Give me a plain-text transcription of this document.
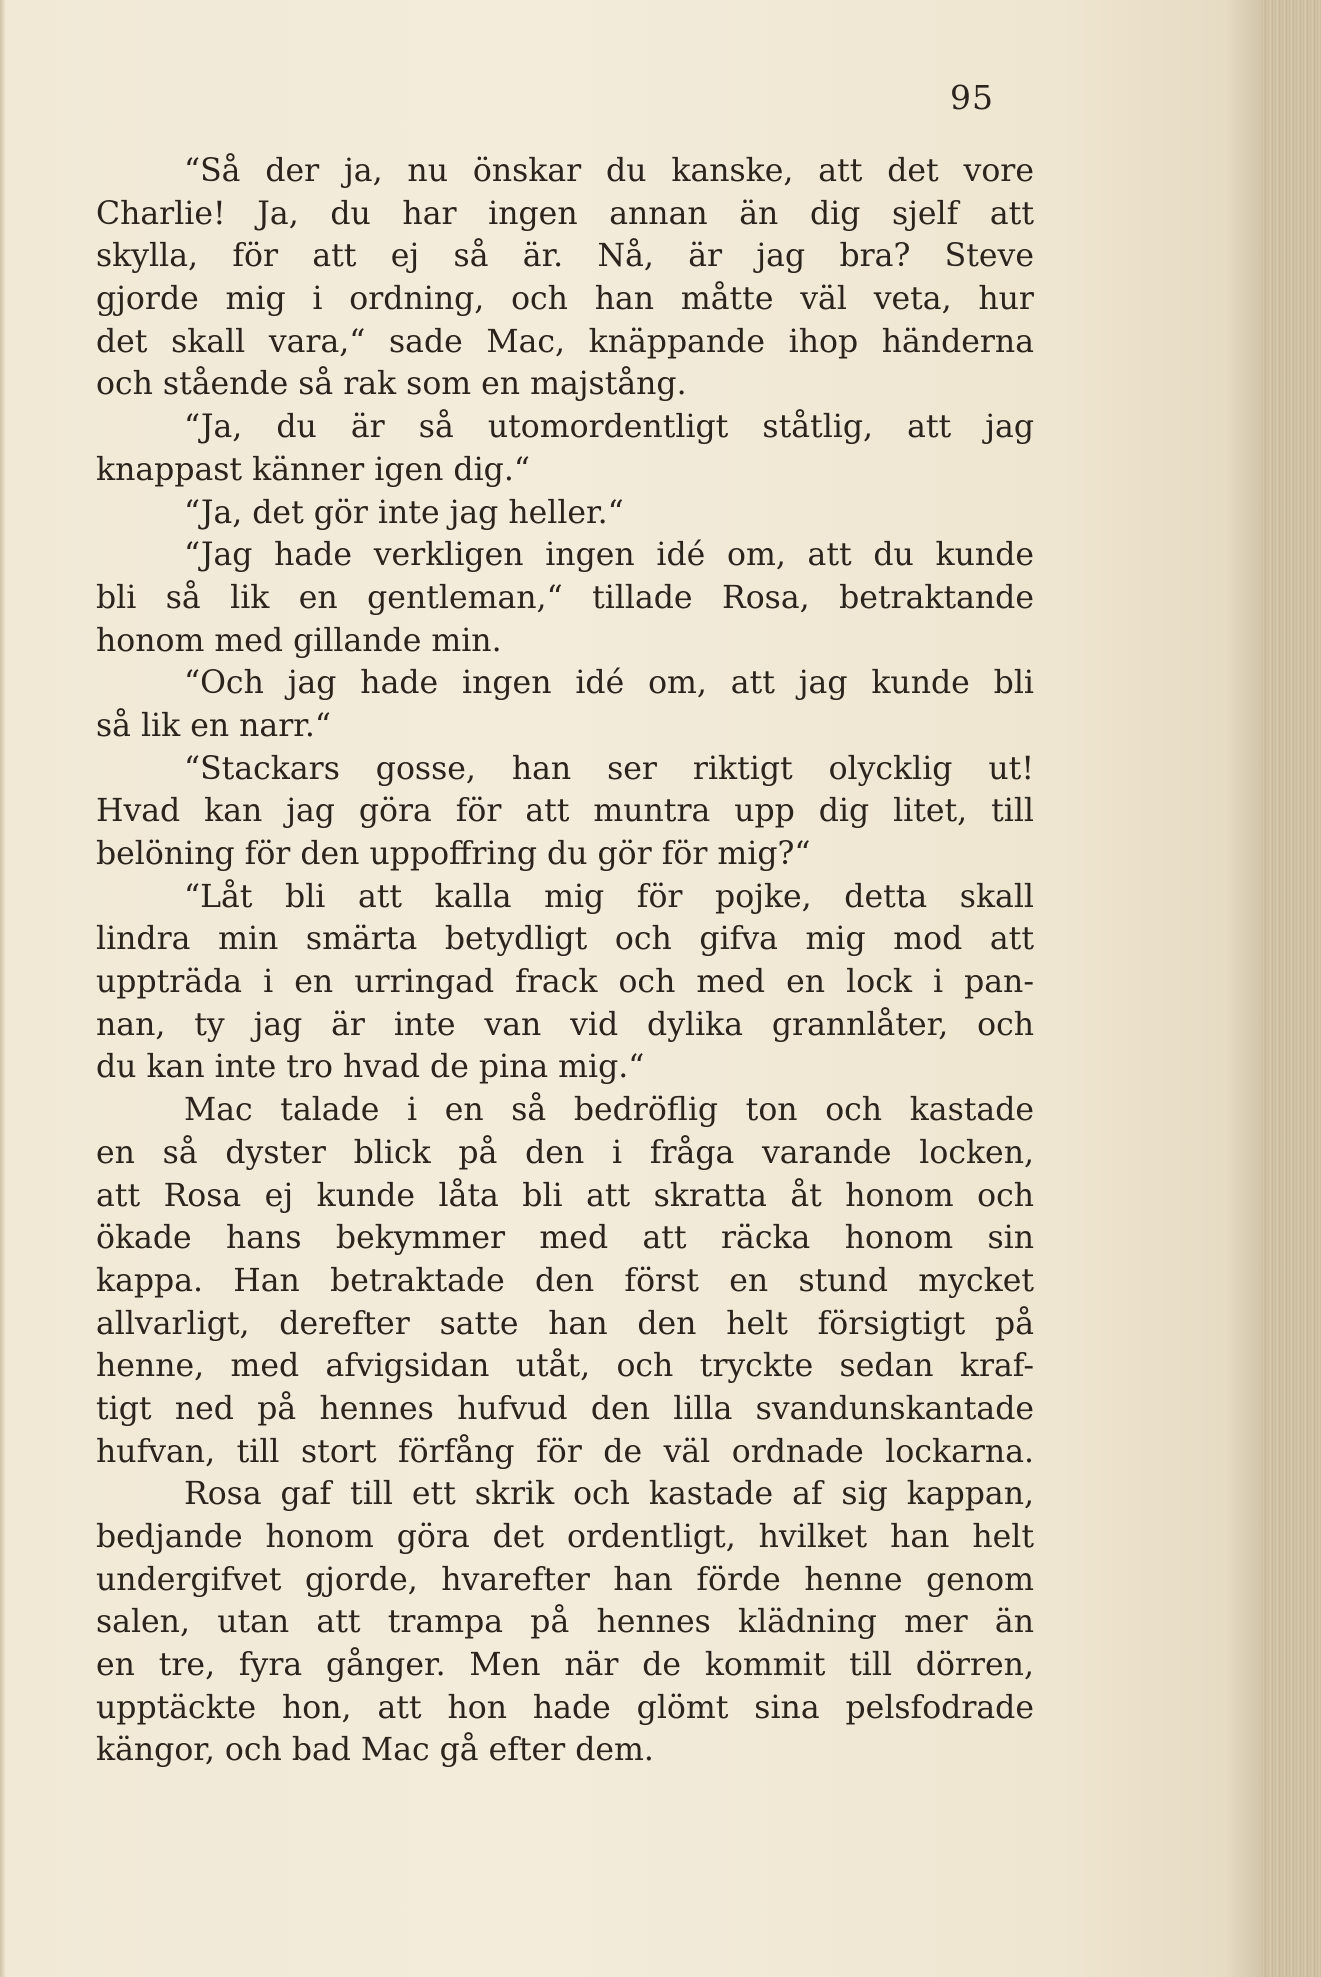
95
“Så der ja, nu önskar du kanske, att det vore
Charlie! Ja, du har ingen annan än dig sjelf att
skylla, för att ej så är. Nå, är jag bra? Steve
gjorde mig i ordning, och han måtte väl veta, hur
det skall vara,“ sade Mac, knäppande ihop händerna
och stående så rak som en majstång.
“Ja, du är så utomordentligt ståtlig, att jag
knappast känner igen dig.“
“Ja, det gör inte jag heller.“
“Jag hade verkligen ingen idé om, att du kunde
bli så lik en gentleman,“ tillade Rosa, betraktande
honom med gillande min.
“Och jag hade ingen idé om, att jag kunde bli
så lik en narr.“
“Stackars gosse, han ser riktigt olycklig ut!
Hvad kan jag göra för att muntra upp dig litet, till
belöning för den uppoffring du gör för mig?“
“Låt bli att kalla mig för pojke, detta skall
lindra min smärta betydligt och gifva mig mod att
uppträda i en urringad frack och med en lock i pan-
nan, ty jag är inte van vid dylika grannlåter, och
du kan inte tro hvad de pina mig.“
Mac talade i en så bedröflig ton och kastade
en så dyster blick på den i fråga varande locken,
att Rosa ej kunde låta bli att skratta åt honom och
ökade hans bekymmer med att räcka honom sin
kappa. Han betraktade den först en stund mycket
allvarligt, derefter satte han den helt försigtigt på
henne, med afvigsidan utåt, och tryckte sedan kraf-
tigt ned på hennes hufvud den lilla svandunskantade
hufvan, till stort förfång för de väl ordnade lockarna.
Rosa gaf till ett skrik och kastade af sig kappan,
bedjande honom göra det ordentligt, hvilket han helt
undergifvet gjorde, hvarefter han förde henne genom
salen, utan att trampa på hennes klädning mer än
en tre, fyra gånger. Men när de kommit till dörren,
upptäckte hon, att hon hade glömt sina pelsfodrade
kängor, och bad Mac gå efter dem.
